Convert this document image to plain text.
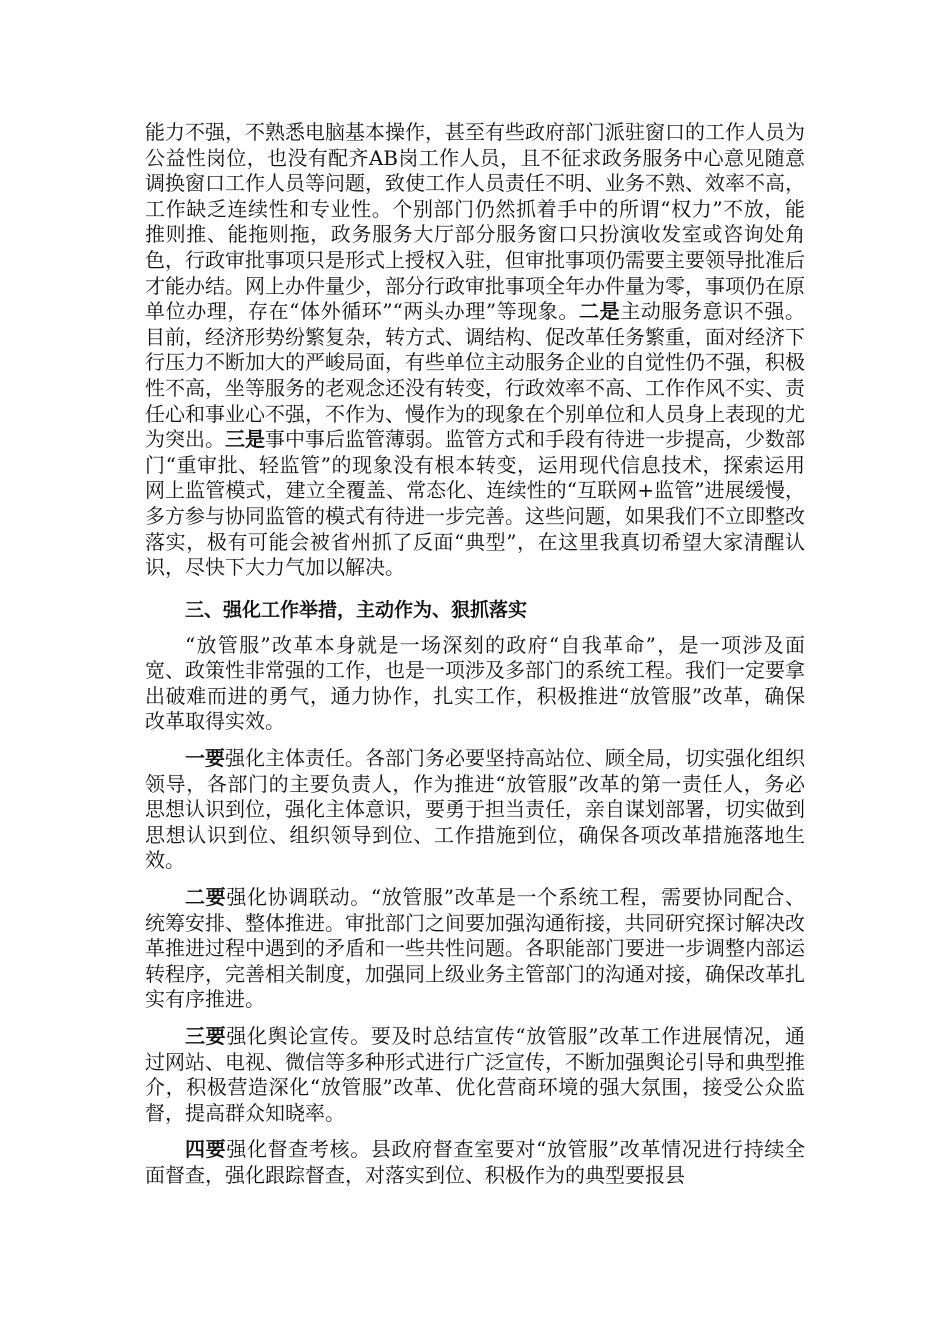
能力不强，不熟悉电脑基本操作，甚至有些政府部门派驻窗口的工作人员为公益性岗位，也没有配齐AB岗工作人员，且不征求政务服务中心意见随意调换窗口工作人员等问题，致使工作人员责任不明、业务不熟、效率不高，工作缺乏连续性和专业性。个别部门仍然抓着手中的所谓“权力”不放，能推则推、能拖则拖，政务服务大厅部分服务窗口只扮演收发室或咨询处角色，行政审批事项只是形式上授权入驻，但审批事项仍需要主要领导批准后才能办结。网上办件量少，部分行政审批事项全年办件量为零，事项仍在原单位办理，存在“体外循环”“两头办理”等现象。二是主动服务意识不强。目前，经济形势纷繁复杂，转方式、调结构、促改革任务繁重，面对经济下行压力不断加大的严峻局面，有些单位主动服务企业的自觉性仍不强，积极性不高，坐等服务的老观念还没有转变，行政效率不高、工作作风不实、责任心和事业心不强，不作为、慢作为的现象在个别单位和人员身上表现的尤为突出。三是事中事后监管薄弱。监管方式和手段有待进一步提高，少数部门“重审批、轻监管”的现象没有根本转变，运用现代信息技术，探索运用网上监管模式，建立全覆盖、常态化、连续性的“互联网+监管”进展缓慢，多方参与协同监管的模式有待进一步完善。这些问题，如果我们不立即整改落实，极有可能会被省州抓了反面“典型”，在这里我真切希望大家清醒认识，尽快下大力气加以解决。

三、强化工作举措，主动作为、狠抓落实

“放管服”改革本身就是一场深刻的政府“自我革命”，是一项涉及面宽、政策性非常强的工作，也是一项涉及多部门的系统工程。我们一定要拿出破难而进的勇气，通力协作，扎实工作，积极推进“放管服”改革，确保改革取得实效。

一要强化主体责任。各部门务必要坚持高站位、顾全局，切实强化组织领导，各部门的主要负责人，作为推进“放管服”改革的第一责任人，务必思想认识到位，强化主体意识，要勇于担当责任，亲自谋划部署，切实做到思想认识到位、组织领导到位、工作措施到位，确保各项改革措施落地生效。

二要强化协调联动。“放管服”改革是一个系统工程，需要协同配合、统筹安排、整体推进。审批部门之间要加强沟通衔接，共同研究探讨解决改革推进过程中遇到的矛盾和一些共性问题。各职能部门要进一步调整内部运转程序，完善相关制度，加强同上级业务主管部门的沟通对接，确保改革扎实有序推进。

三要强化舆论宣传。要及时总结宣传“放管服”改革工作进展情况，通过网站、电视、微信等多种形式进行广泛宣传，不断加强舆论引导和典型推介，积极营造深化“放管服”改革、优化营商环境的强大氛围，接受公众监督，提高群众知晓率。

四要强化督查考核。县政府督查室要对“放管服”改革情况进行持续全面督查，强化跟踪督查，对落实到位、积极作为的典型要报县
